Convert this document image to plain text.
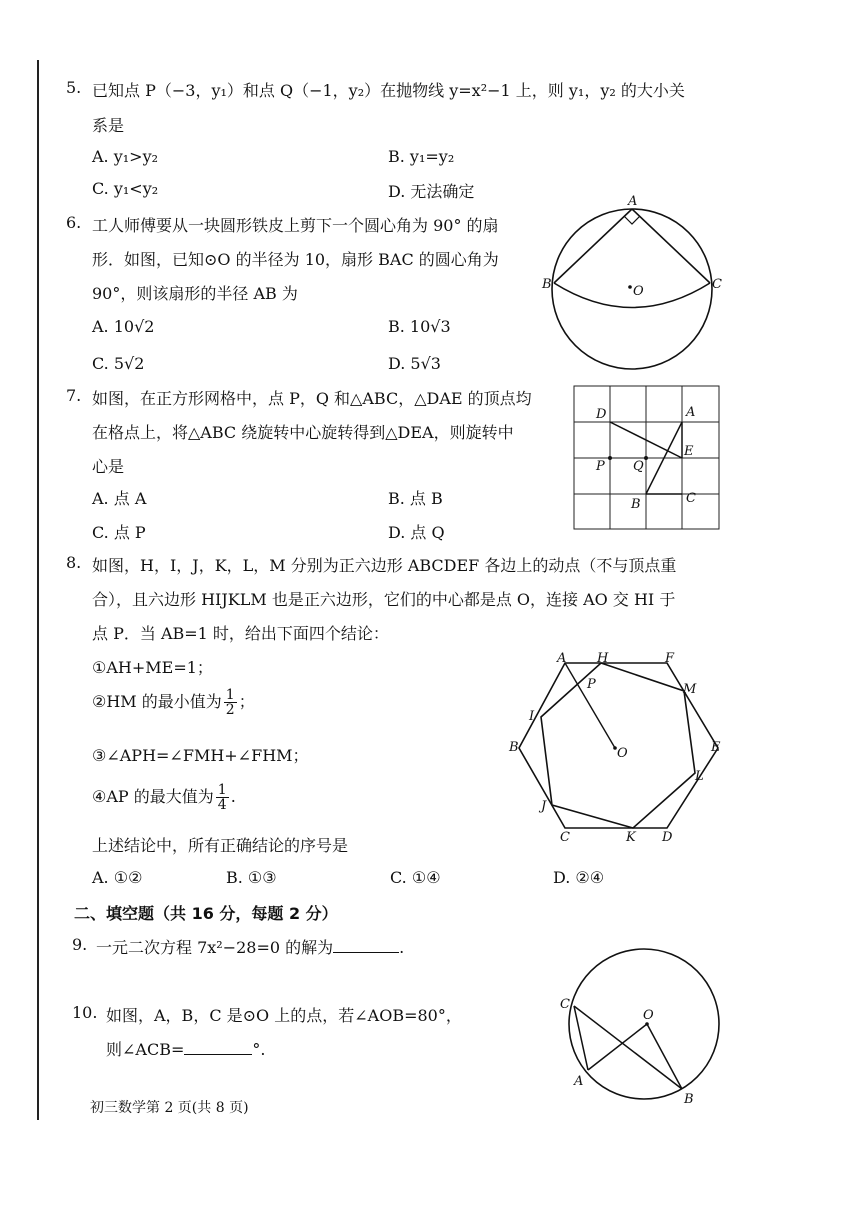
5. 已知点 P（−3，y₁）和点 Q（−1，y₂）在抛物线 y=x²−1 上，则 y₁，y₂ 的大小关
系是
A. y₁>y₂	B. y₁=y₂
C. y₁<y₂	D. 无法确定
6. 工人师傅要从一块圆形铁皮上剪下一个圆心角为 90° 的扇
形．如图，已知⊙O 的半径为 10，扇形 BAC 的圆心角为
90°，则该扇形的半径 AB 为
A. 10√2	B. 10√3
C. 5√2	D. 5√3
A
B	C
O
7. 如图，在正方形网格中，点 P，Q 和△ABC，△DAE 的顶点均
在格点上，将△ABC 绕旋转中心旋转得到△DEA，则旋转中
心是
A. 点 A	B. 点 B
C. 点 P	D. 点 Q
D	A
E
P Q
B	C
8. 如图，H，I，J，K，L，M 分别为正六边形 ABCDEF 各边上的动点（不与顶点重
合），且六边形 HIJKLM 也是正六边形，它们的中心都是点 O，连接 AO 交 HI 于
点 P．当 AB=1 时，给出下面四个结论：
①AH+ME=1；
②HM 的最小值为 $\frac{1}{2}$ ；
③∠APH=∠FMH+∠FHM；
④AP 的最大值为 $\frac{1}{4}$ .
上述结论中，所有正确结论的序号是
A. ①②	B. ①③	C. ①④	D. ②④
A H	F
M
P
I
B	O	E
L
J
C	K D
二、填空题（共 16 分，每题 2 分）
9. 一元二次方程 7x²−28=0 的解为	.
10. 如图，A，B，C 是⊙O 上的点，若∠AOB=80°，
则∠ACB=	°.
C
O
A
B
初三数学第 2 页(共 8 页)
